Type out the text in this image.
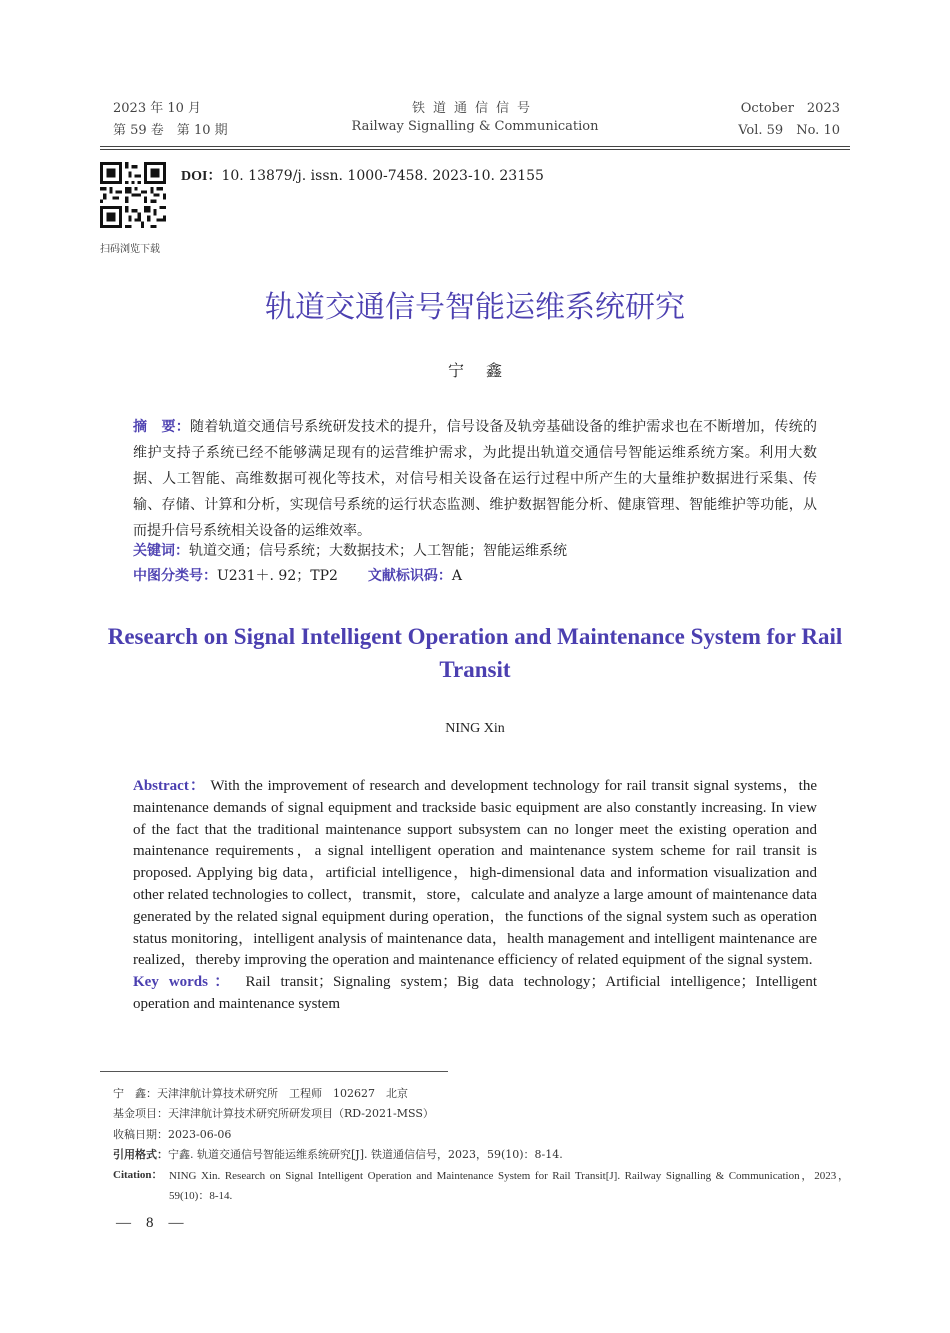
2023 年 10 月
第 59 卷　第 10 期
铁道通信信号
Railway Signalling & Communication
October　2023
Vol. 59　No. 10
扫码浏览下载
DOI：10. 13879/j. issn. 1000-7458. 2023-10. 23155
轨道交通信号智能运维系统研究
宁鑫
摘　要：随着轨道交通信号系统研发技术的提升，信号设备及轨旁基础设备的维护需求也在不断增加，传统的维护支持子系统已经不能够满足现有的运营维护需求，为此提出轨道交通信号智能运维系统方案。利用大数据、人工智能、高维数据可视化等技术，对信号相关设备在运行过程中所产生的大量维护数据进行采集、传输、存储、计算和分析，实现信号系统的运行状态监测、维护数据智能分析、健康管理、智能维护等功能，从而提升信号系统相关设备的运维效率。
关键词：轨道交通；信号系统；大数据技术；人工智能；智能运维系统
中图分类号：U231＋. 92；TP2 文献标识码：A
Research on Signal Intelligent Operation and Maintenance System for Rail Transit
NING Xin
Abstract： With the improvement of research and development technology for rail transit signal systems，the maintenance demands of signal equipment and trackside basic equipment are also constantly increasing. In view of the fact that the traditional maintenance support subsystem can no longer meet the existing operation and maintenance requirements，a signal intelligent operation and maintenance system scheme for rail transit is proposed. Applying big data，artificial intelligence，high-dimensional data and information visualization and other related technologies to collect，transmit，store，calculate and analyze a large amount of maintenance data generated by the related signal equipment during operation，the functions of the signal system such as operation status monitoring，intelligent analysis of maintenance data，health management and intelligent maintenance are realized，thereby improving the operation and maintenance efficiency of related equipment of the signal system.
Key words： Rail transit；Signaling system；Big data technology；Artificial intelligence；Intelligent operation and maintenance system
宁　鑫：天津津航计算技术研究所　工程师　102627　北京
基金项目：天津津航计算技术研究所研发项目（RD-2021-MSS）
收稿日期：2023-06-06
引用格式：宁鑫. 轨道交通信号智能运维系统研究[J]. 铁道通信信号，2023，59(10)：8-14.
Citation： NING Xin. Research on Signal Intelligent Operation and Maintenance System for Rail Transit[J]. Railway Signalling & Communication，2023，59(10)：8-14.
—　8　—
